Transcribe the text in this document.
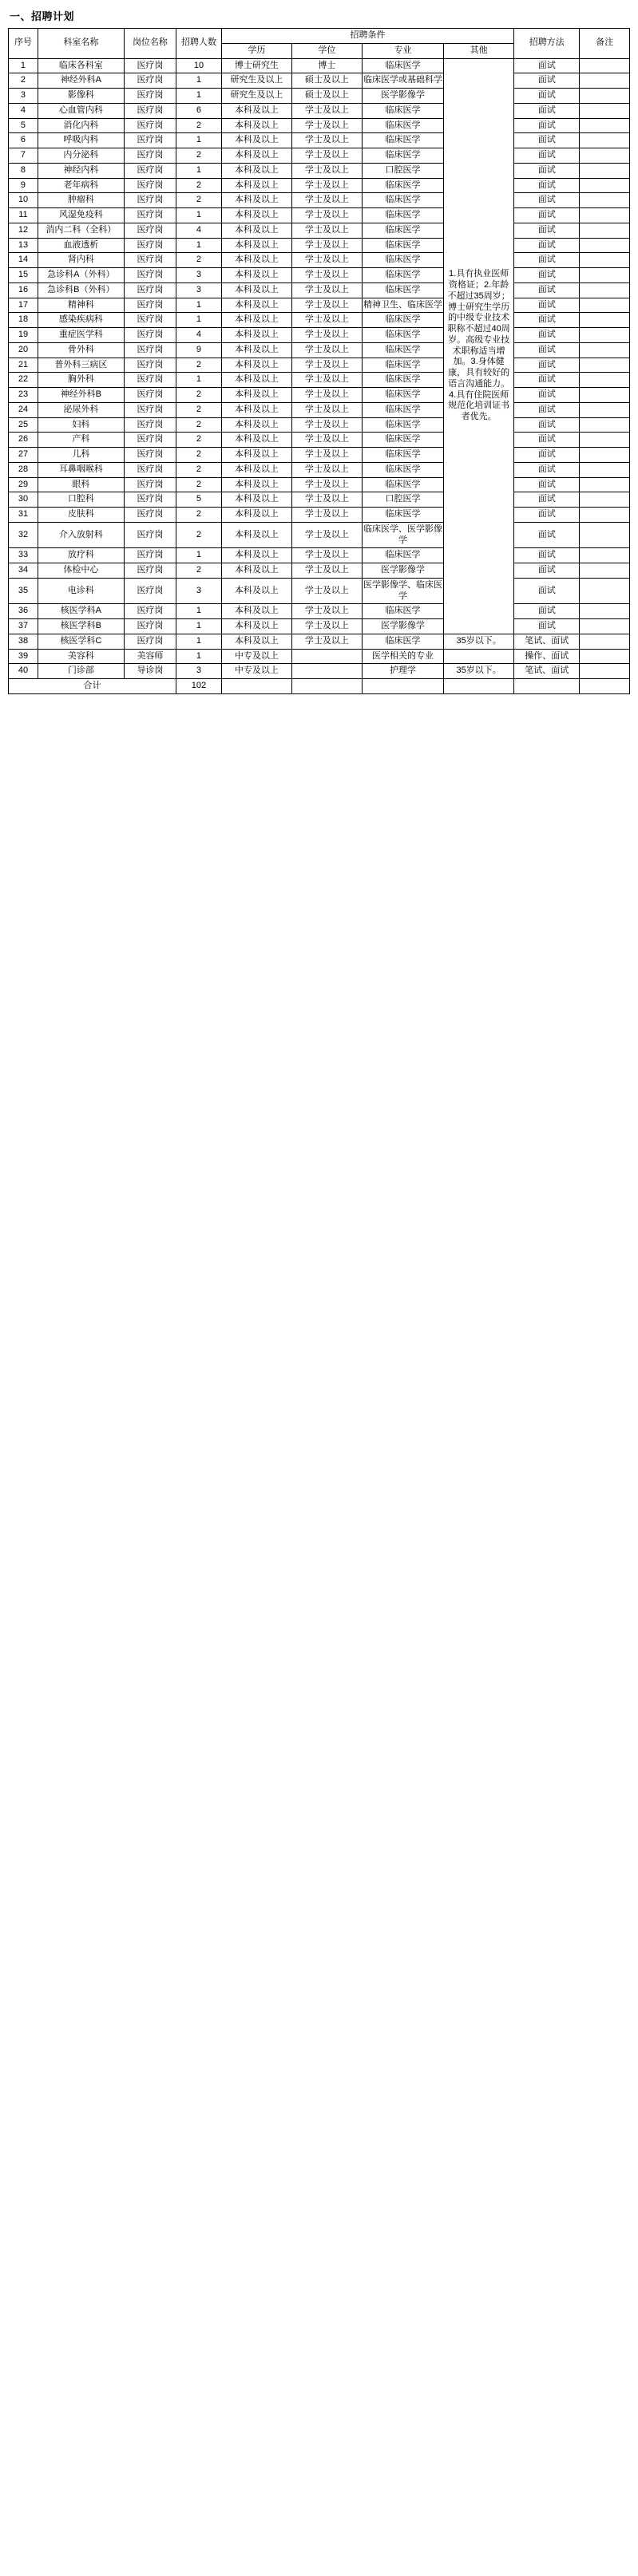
一、招聘计划
序号	科室名称	岗位名称	招聘人数	招聘条件				招聘方法	备注
				学历	学位	专业	其他		
1	临床各科室	医疗岗	10	博士研究生	博士	临床医学	1.具有执业医师资格证；2.年龄不超过35周岁；博士研究生学历的中级专业技术职称不超过40周岁。高级专业技术职称适当增加。3.身体健康，具有较好的语言沟通能力。4.具有住院医师规范化培训证书者优先。	面试	
2	神经外科A	医疗岗	1	研究生及以上	硕士及以上	临床医学或基础科学		面试	
3	影像科	医疗岗	1	研究生及以上	硕士及以上	医学影像学		面试	
4	心血管内科	医疗岗	6	本科及以上	学士及以上	临床医学		面试	
5	消化内科	医疗岗	2	本科及以上	学士及以上	临床医学		面试	
6	呼吸内科	医疗岗	1	本科及以上	学士及以上	临床医学		面试	
7	内分泌科	医疗岗	2	本科及以上	学士及以上	临床医学		面试	
8	神经内科	医疗岗	1	本科及以上	学士及以上	口腔医学		面试	
9	老年病科	医疗岗	2	本科及以上	学士及以上	临床医学		面试	
10	肿瘤科	医疗岗	2	本科及以上	学士及以上	临床医学		面试	
11	风湿免疫科	医疗岗	1	本科及以上	学士及以上	临床医学		面试	
12	消内二科（全科）	医疗岗	4	本科及以上	学士及以上	临床医学		面试	
13	血液透析	医疗岗	1	本科及以上	学士及以上	临床医学		面试	
14	肾内科	医疗岗	2	本科及以上	学士及以上	临床医学		面试	
15	急诊科A（外科）	医疗岗	3	本科及以上	学士及以上	临床医学		面试	
16	急诊科B（外科）	医疗岗	3	本科及以上	学士及以上	临床医学		面试	
17	精神科	医疗岗	1	本科及以上	学士及以上	精神卫生、临床医学		面试	
18	感染疾病科	医疗岗	1	本科及以上	学士及以上	临床医学		面试	
19	重症医学科	医疗岗	4	本科及以上	学士及以上	临床医学		面试	
20	骨外科	医疗岗	9	本科及以上	学士及以上	临床医学		面试	
21	普外科三病区	医疗岗	2	本科及以上	学士及以上	临床医学		面试	
22	胸外科	医疗岗	1	本科及以上	学士及以上	临床医学		面试	
23	神经外科B	医疗岗	2	本科及以上	学士及以上	临床医学		面试	
24	泌尿外科	医疗岗	2	本科及以上	学士及以上	临床医学		面试	
25	妇科	医疗岗	2	本科及以上	学士及以上	临床医学		面试	
26	产科	医疗岗	2	本科及以上	学士及以上	临床医学		面试	
27	儿科	医疗岗	2	本科及以上	学士及以上	临床医学		面试	
28	耳鼻咽喉科	医疗岗	2	本科及以上	学士及以上	临床医学		面试	
29	眼科	医疗岗	2	本科及以上	学士及以上	临床医学		面试	
30	口腔科	医疗岗	5	本科及以上	学士及以上	口腔医学		面试	
31	皮肤科	医疗岗	2	本科及以上	学士及以上	临床医学		面试	
32	介入放射科	医疗岗	2	本科及以上	学士及以上	临床医学、医学影像学		面试	
33	放疗科	医疗岗	1	本科及以上	学士及以上	临床医学		面试	
34	体检中心	医疗岗	2	本科及以上	学士及以上	医学影像学		面试	
35	电诊科	医疗岗	3	本科及以上	学士及以上	医学影像学、临床医学		面试	
36	核医学科A	医疗岗	1	本科及以上	学士及以上	临床医学		面试	
37	核医学科B	医疗岗	1	本科及以上	学士及以上	医学影像学		面试	
38	核医学科C	医疗岗	1	本科及以上	学士及以上	临床医学	35岁以下。	笔试、面试	
39	美容科	美容师	1	中专及以上		医学相关的专业		操作、面试	
40	门诊部	导诊岗	3	中专及以上		护理学	35岁以下。	笔试、面试	
合计			102						
